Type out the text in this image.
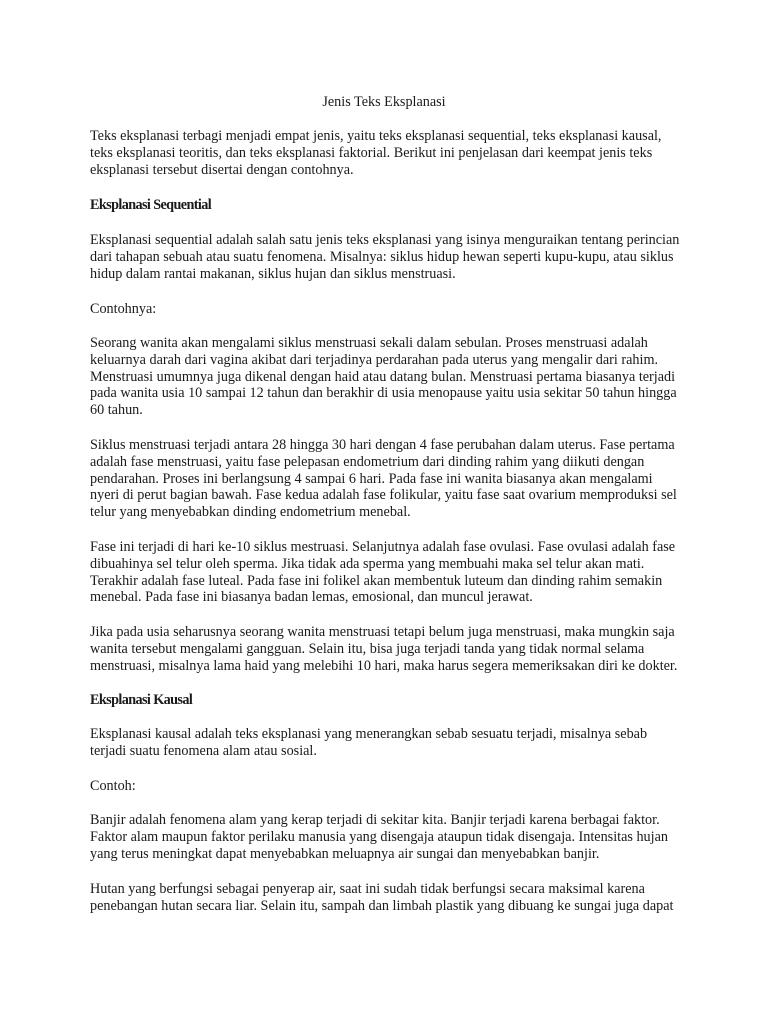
Jenis Teks Eksplanasi

Teks eksplanasi terbagi menjadi empat jenis, yaitu teks eksplanasi sequential, teks eksplanasi kausal, teks eksplanasi teoritis, dan teks eksplanasi faktorial. Berikut ini penjelasan dari keempat jenis teks eksplanasi tersebut disertai dengan contohnya.

Eksplanasi Sequential

Eksplanasi sequential adalah salah satu jenis teks eksplanasi yang isinya menguraikan tentang perincian dari tahapan sebuah atau suatu fenomena. Misalnya: siklus hidup hewan seperti kupu-kupu, atau siklus hidup dalam rantai makanan, siklus hujan dan siklus menstruasi.

Contohnya:

Seorang wanita akan mengalami siklus menstruasi sekali dalam sebulan. Proses menstruasi adalah keluarnya darah dari vagina akibat dari terjadinya perdarahan pada uterus yang mengalir dari rahim. Menstruasi umumnya juga dikenal dengan haid atau datang bulan. Menstruasi pertama biasanya terjadi pada wanita usia 10 sampai 12 tahun dan berakhir di usia menopause yaitu usia sekitar 50 tahun hingga 60 tahun.

Siklus menstruasi terjadi antara 28 hingga 30 hari dengan 4 fase perubahan dalam uterus. Fase pertama adalah fase menstruasi, yaitu fase pelepasan endometrium dari dinding rahim yang diikuti dengan pendarahan. Proses ini berlangsung 4 sampai 6 hari. Pada fase ini wanita biasanya akan mengalami nyeri di perut bagian bawah. Fase kedua adalah fase folikular, yaitu fase saat ovarium memproduksi sel telur yang menyebabkan dinding endometrium menebal.

Fase ini terjadi di hari ke-10 siklus mestruasi. Selanjutnya adalah fase ovulasi. Fase ovulasi adalah fase dibuahinya sel telur oleh sperma. Jika tidak ada sperma yang membuahi maka sel telur akan mati. Terakhir adalah fase luteal. Pada fase ini folikel akan membentuk luteum dan dinding rahim semakin menebal. Pada fase ini biasanya badan lemas, emosional, dan muncul jerawat.

Jika pada usia seharusnya seorang wanita menstruasi tetapi belum juga menstruasi, maka mungkin saja wanita tersebut mengalami gangguan. Selain itu, bisa juga terjadi tanda yang tidak normal selama menstruasi, misalnya lama haid yang melebihi 10 hari, maka harus segera memeriksakan diri ke dokter.

Eksplanasi Kausal

Eksplanasi kausal adalah teks eksplanasi yang menerangkan sebab sesuatu terjadi, misalnya sebab terjadi suatu fenomena alam atau sosial.

Contoh:

Banjir adalah fenomena alam yang kerap terjadi di sekitar kita. Banjir terjadi karena berbagai faktor. Faktor alam maupun faktor perilaku manusia yang disengaja ataupun tidak disengaja. Intensitas hujan yang terus meningkat dapat menyebabkan meluapnya air sungai dan menyebabkan banjir.

Hutan yang berfungsi sebagai penyerap air, saat ini sudah tidak berfungsi secara maksimal karena penebangan hutan secara liar. Selain itu, sampah dan limbah plastik yang dibuang ke sungai juga dapat
